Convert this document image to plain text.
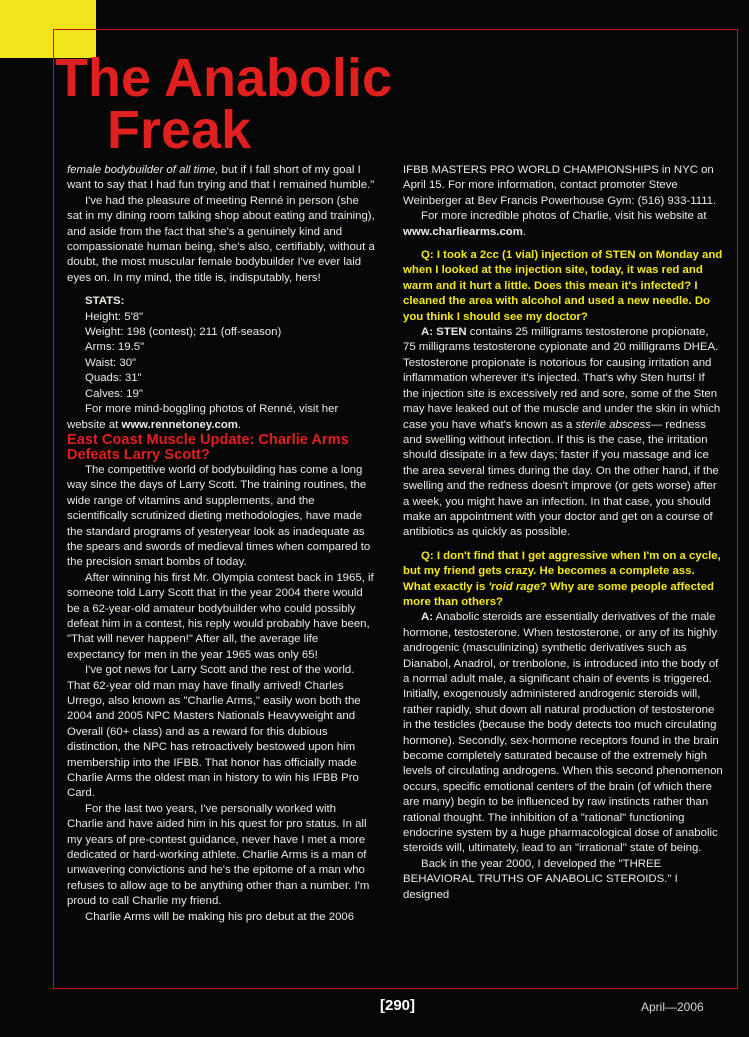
The Anabolic
Freak

female bodybuilder of all time, but if I fall short of my goal I want to say that I had fun trying and that I remained humble."

I've had the pleasure of meeting Renné in person (she sat in my dining room talking shop about eating and training), and aside from the fact that she's a genuinely kind and compassionate human being, she's also, certifiably, without a doubt, the most muscular female bodybuilder I've ever laid eyes on. In my mind, the title is, indisputably, hers!

STATS:

Height: 5'8"

Weight: 198 (contest); 211 (off-season)

Arms: 19.5"

Waist: 30"

Quads: 31"

Calves: 19"

For more mind-boggling photos of Renné, visit her website at www.rennetoney.com.

East Coast Muscle Update: Charlie Arms Defeats Larry Scott?

The competitive world of bodybuilding has come a long way since the days of Larry Scott. The training routines, the wide range of vitamins and supplements, and the scientifically scrutinized dieting methodologies, have made the standard programs of yesteryear look as inadequate as the spears and swords of medieval times when compared to the precision smart bombs of today.

After winning his first Mr. Olympia contest back in 1965, if someone told Larry Scott that in the year 2004 there would be a 62-year-old amateur bodybuilder who could possibly defeat him in a contest, his reply would probably have been, "That will never happen!" After all, the average life expectancy for men in the year 1965 was only 65!

I've got news for Larry Scott and the rest of the world. That 62-year old man may have finally arrived! Charles Urrego, also known as "Charlie Arms," easily won both the 2004 and 2005 NPC Masters Nationals Heavyweight and Overall (60+ class) and as a reward for this dubious distinction, the NPC has retroactively bestowed upon him membership into the IFBB. That honor has officially made Charlie Arms the oldest man in history to win his IFBB Pro Card.

For the last two years, I've personally worked with Charlie and have aided him in his quest for pro status. In all my years of pre-contest guidance, never have I met a more dedicated or hard-working athlete. Charlie Arms is a man of unwavering convictions and he's the epitome of a man who refuses to allow age to be anything other than a number. I'm proud to call Charlie my friend.

Charlie Arms will be making his pro debut at the 2006

IFBB MASTERS PRO WORLD CHAMPIONSHIPS in NYC on April 15. For more information, contact promoter Steve Weinberger at Bev Francis Powerhouse Gym: (516) 933-1111.

For more incredible photos of Charlie, visit his website at www.charliearms.com.

Q: I took a 2cc (1 vial) injection of STEN on Monday and when I looked at the injection site, today, it was red and warm and it hurt a little. Does this mean it's infected? I cleaned the area with alcohol and used a new needle. Do you think I should see my doctor?

A: STEN contains 25 milligrams testosterone propionate, 75 milligrams testosterone cypionate and 20 milligrams DHEA. Testosterone propionate is notorious for causing irritation and inflammation wherever it's injected. That's why Sten hurts! If the injection site is excessively red and sore, some of the Sten may have leaked out of the muscle and under the skin in which case you have what's known as a sterile abscess— redness and swelling without infection. If this is the case, the irritation should dissipate in a few days; faster if you massage and ice the area several times during the day. On the other hand, if the swelling and the redness doesn't improve (or gets worse) after a week, you might have an infection. In that case, you should make an appointment with your doctor and get on a course of antibiotics as quickly as possible.

Q: I don't find that I get aggressive when I'm on a cycle, but my friend gets crazy. He becomes a complete ass. What exactly is 'roid rage? Why are some people affected more than others?

A: Anabolic steroids are essentially derivatives of the male hormone, testosterone. When testosterone, or any of its highly androgenic (masculinizing) synthetic derivatives such as Dianabol, Anadrol, or trenbolone, is introduced into the body of a normal adult male, a significant chain of events is triggered. Initially, exogenously administered androgenic steroids will, rather rapidly, shut down all natural production of testosterone in the testicles (because the body detects too much circulating hormone). Secondly, sex-hormone receptors found in the brain become completely saturated because of the extremely high levels of circulating androgens. When this second phenomenon occurs, specific emotional centers of the brain (of which there are many) begin to be influenced by raw instincts rather than rational thought. The inhibition of a "rational" functioning endocrine system by a huge pharmacological dose of anabolic steroids will, ultimately, lead to an "irrational" state of being.

Back in the year 2000, I developed the "THREE BEHAVIORAL TRUTHS OF ANABOLIC STEROIDS." I designed

[290]	April—2006
